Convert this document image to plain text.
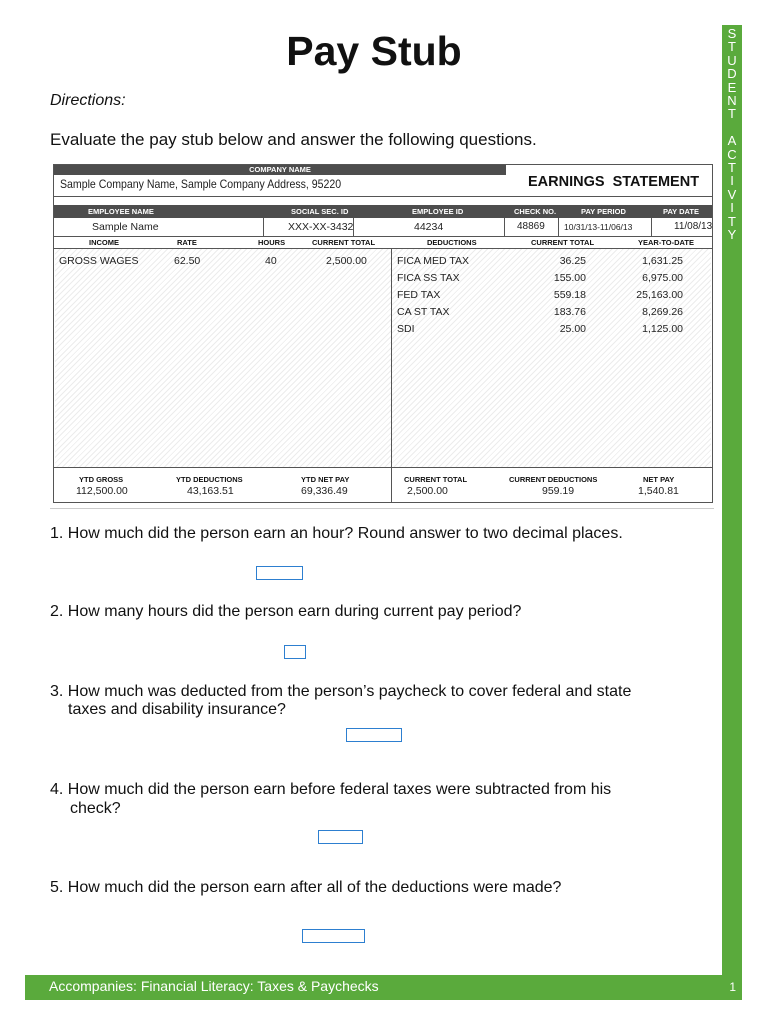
Pay Stub
Directions:
Evaluate the pay stub below and answer the following questions.
COMPANY NAME
Sample Company Name, Sample Company Address, 95220	EARNINGS  STATEMENT
EMPLOYEE NAME	SOCIAL SEC. ID	EMPLOYEE ID	CHECK NO.	PAY PERIOD	PAY DATE
Sample Name	XXX-XX-3432	44234	48869 10/31/13-11/06/13	11/08/13
INCOME	RATE	HOURS	CURRENT TOTAL	DEDUCTIONS	CURRENT TOTAL	YEAR-TO-DATE
GROSS WAGES	62.50	40	2,500.00	FICA MED TAX	36.25	1,631.25
FICA SS TAX	155.00	6,975.00
FED TAX	559.18	25,163.00
CA ST TAX	183.76	8,269.26
SDI	25.00	1,125.00
YTD GROSS
112,500.00
YTD DEDUCTIONS
43,163.51
YTD NET PAY
69,336.49
CURRENT TOTAL
2,500.00
CURRENT DEDUCTIONS
959.19
NET PAY
1,540.81
1. How much did the person earn an hour? Round answer to two decimal places.
2. How many hours did the person earn during current pay period?
3. How much was deducted from the person’s paycheck to cover federal and state
taxes and disability insurance?
4. How much did the person earn before federal taxes were subtracted from his
check?
5. How much did the person earn after all of the deductions were made?
S
T
U
D
E
N
T

A
C
T
I
V
I
T
Y
Accompanies: Financial Literacy: Taxes & Paychecks	1
